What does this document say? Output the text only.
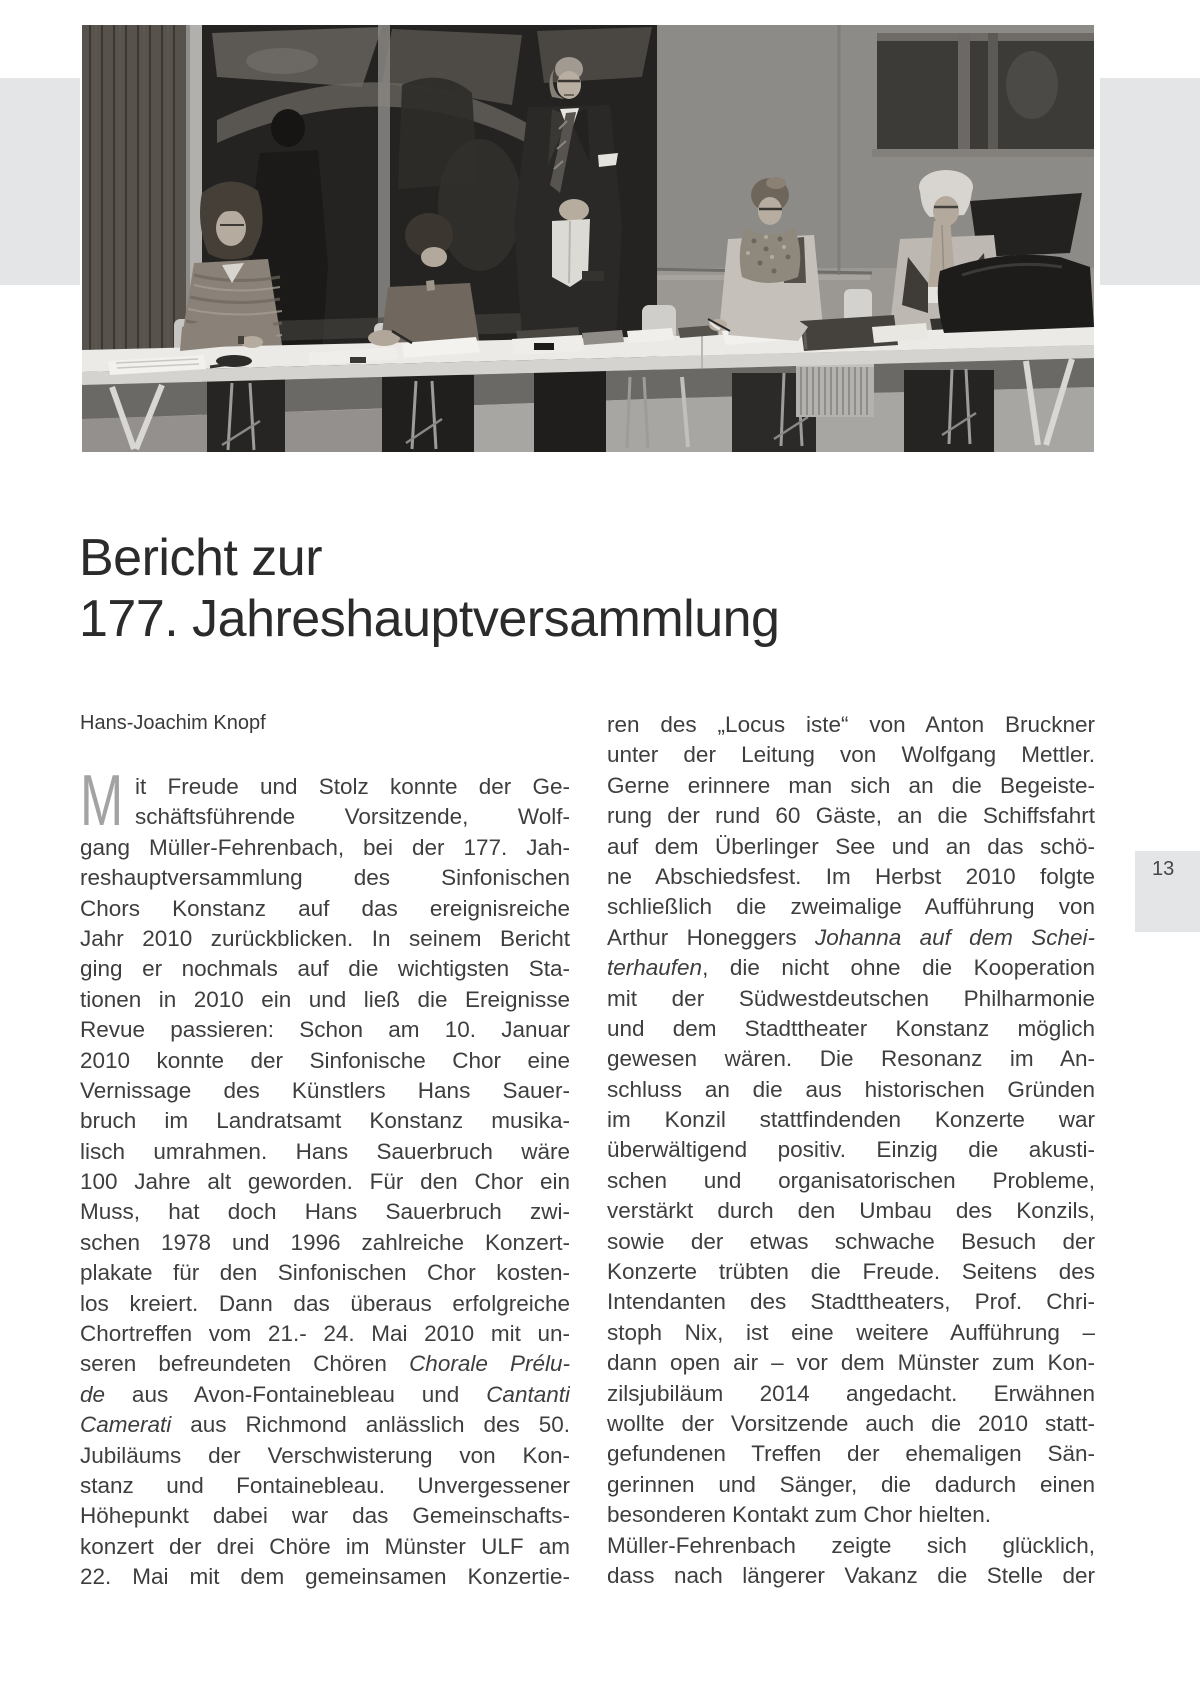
Bericht zur
177. Jahreshauptversammlung
Hans-Joachim Knopf
M it Freude und Stolz konnte der Ge-
schäftsführende Vorsitzende, Wolf-
gang Müller-Fehrenbach, bei der 177. Jah-
reshauptversammlung des Sinfonischen
Chors Konstanz auf das ereignisreiche
Jahr 2010 zurückblicken. In seinem Bericht
ging er nochmals auf die wichtigsten Sta-
tionen in 2010 ein und ließ die Ereignisse
Revue passieren: Schon am 10. Januar
2010 konnte der Sinfonische Chor eine
Vernissage des Künstlers Hans Sauer-
bruch im Landratsamt Konstanz musika-
lisch umrahmen. Hans Sauerbruch wäre
100 Jahre alt geworden. Für den Chor ein
Muss, hat doch Hans Sauerbruch zwi-
schen 1978 und 1996 zahlreiche Konzert-
plakate für den Sinfonischen Chor kosten-
los kreiert. Dann das überaus erfolgreiche
Chortreffen vom 21.- 24. Mai 2010 mit un-
seren befreundeten Chören Chorale Prélu-
de aus Avon-Fontainebleau und Cantanti
Camerati aus Richmond anlässlich des 50.
Jubiläums der Verschwisterung von Kon-
stanz und Fontainebleau. Unvergessener
Höhepunkt dabei war das Gemeinschafts-
konzert der drei Chöre im Münster ULF am
22. Mai mit dem gemeinsamen Konzertie-
ren des „Locus iste“ von Anton Bruckner
unter der Leitung von Wolfgang Mettler.
Gerne erinnere man sich an die Begeiste-
rung der rund 60 Gäste, an die Schiffsfahrt
auf dem Überlinger See und an das schö-
ne Abschiedsfest. Im Herbst 2010 folgte
schließlich die zweimalige Aufführung von
Arthur Honeggers Johanna auf dem Schei-
terhaufen, die nicht ohne die Kooperation
mit der Südwestdeutschen Philharmonie
und dem Stadttheater Konstanz möglich
gewesen wären. Die Resonanz im An-
schluss an die aus historischen Gründen
im Konzil stattfindenden Konzerte war
überwältigend positiv. Einzig die akusti-
schen und organisatorischen Probleme,
verstärkt durch den Umbau des Konzils,
sowie der etwas schwache Besuch der
Konzerte trübten die Freude. Seitens des
Intendanten des Stadttheaters, Prof. Chri-
stoph Nix, ist eine weitere Aufführung –
dann open air – vor dem Münster zum Kon-
zilsjubiläum 2014 angedacht. Erwähnen
wollte der Vorsitzende auch die 2010 statt-
gefundenen Treffen der ehemaligen Sän-
gerinnen und Sänger, die dadurch einen
besonderen Kontakt zum Chor hielten.
Müller-Fehrenbach zeigte sich glücklich,
dass nach längerer Vakanz die Stelle der
13
